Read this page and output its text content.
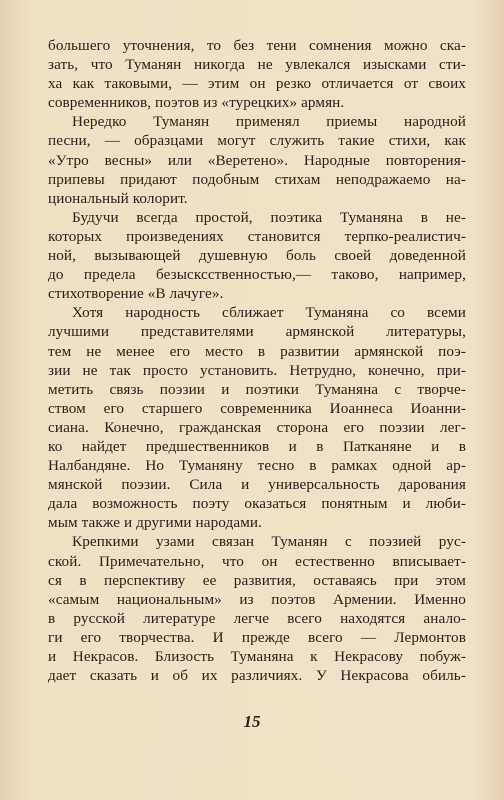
большего уточнения, то без тени сомнения можно ска-
зать, что Туманян никогда не увлекался изысками сти-
ха как таковыми, — этим он резко отличается от своих
современников, поэтов из «турецких» армян.
Нередко Туманян применял приемы народной
песни, — образцами могут служить такие стихи, как
«Утро весны» или «Веретено». Народные повторения-
припевы придают подобным стихам неподражаемо на-
циональный колорит.
Будучи всегда простой, поэтика Туманяна в не-
которых произведениях становится терпко-реалистич-
ной, вызывающей душевную боль своей доведенной
до предела безысксственностью,— таково, например,
стихотворение «В лачуге».
Хотя народность сближает Туманяна со всеми
лучшими представителями армянской литературы,
тем не менее его место в развитии армянской поэ-
зии не так просто установить. Нетрудно, конечно, при-
метить связь поэзии и поэтики Туманяна с творче-
ством его старшего современника Иоаннеса Иоанни-
сиана. Конечно, гражданская сторона его поэзии лег-
ко найдет предшественников и в Патканяне и в
Налбандяне. Но Туманяну тесно в рамках одной ар-
мянской поэзии. Сила и универсальность дарования
дала возможность поэту оказаться понятным и люби-
мым также и другими народами.
Крепкими узами связан Туманян с поэзией рус-
ской. Примечательно, что он естественно вписывает-
ся в перспективу ее развития, оставаясь при этом
«самым национальным» из поэтов Армении. Именно
в русской литературе легче всего находятся анало-
ги его творчества. И прежде всего — Лермонтов
и Некрасов. Близость Туманяна к Некрасову побуж-
дает сказать и об их различиях. У Некрасова обиль-
15
